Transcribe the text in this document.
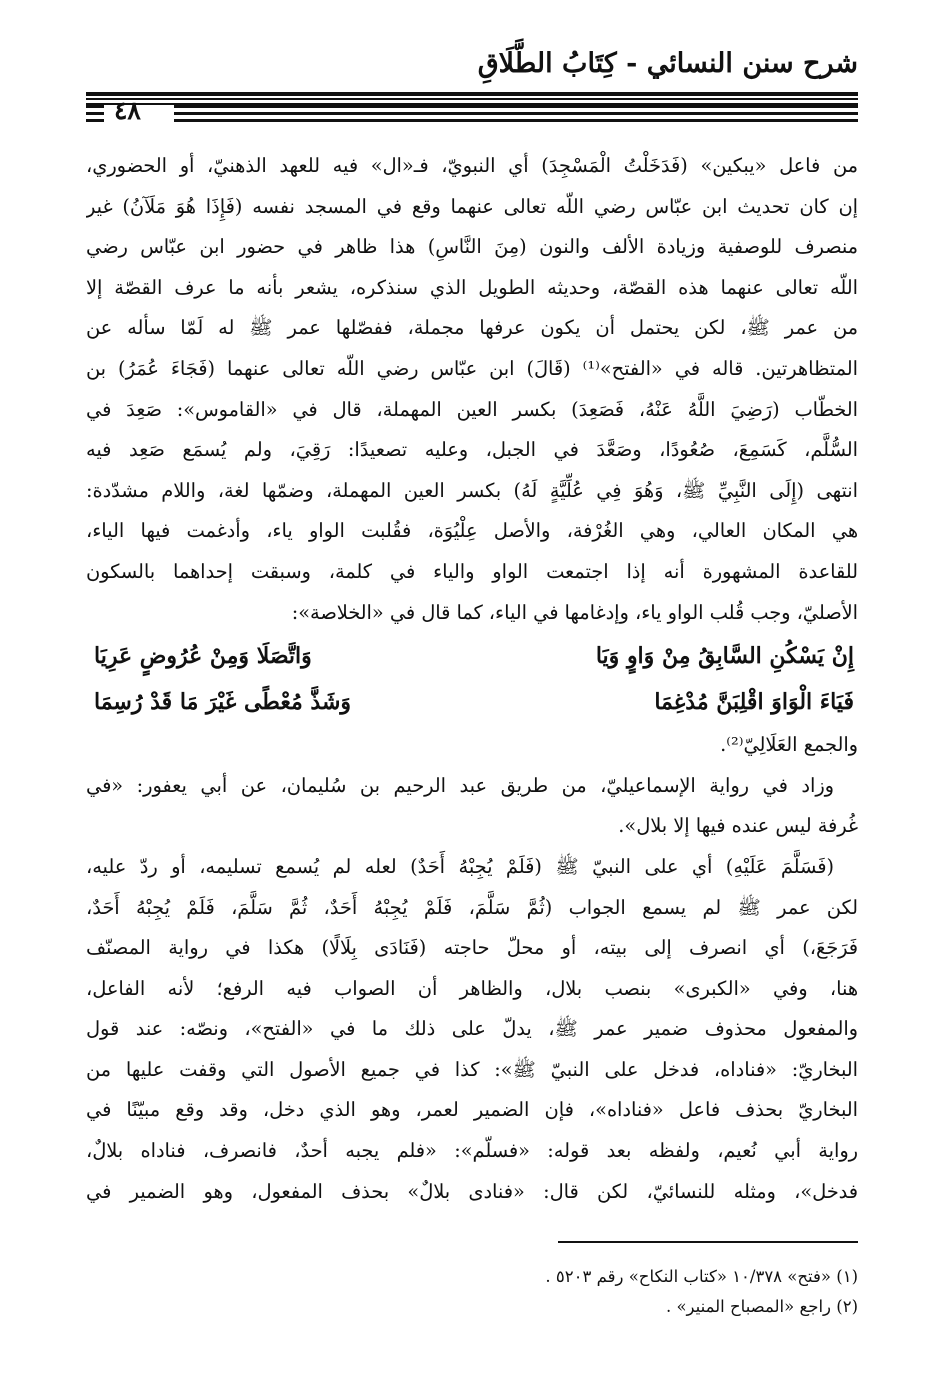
شرح سنن النسائي - كِتَابُ الطَّلَاقِ
٤٨

من فاعل «يبكين» (فَدَخَلْتُ الْمَسْجِدَ) أي النبويّ، فـ«ال» فيه للعهد الذهنيّ، أو الحضوري،
إن كان تحديث ابن عبّاس رضي اللّه تعالى عنهما وقع في المسجد نفسه (فَإِذَا هُوَ مَلَآنُ) غير
منصرف للوصفية وزيادة الألف والنون (مِنَ النَّاسِ) هذا ظاهر في حضور ابن عبّاس رضي
اللّه تعالى عنهما هذه القصّة، وحديثه الطويل الذي سنذكره، يشعر بأنه ما عرف القصّة إلا
من عمر ﷺ، لكن يحتمل أن يكون عرفها مجملة، ففصّلها عمر ﷺ له لَمّا سأله عن
المتظاهرتين. قاله في «الفتح»⁽¹⁾ (قَالَ) ابن عبّاس رضي اللّه تعالى عنهما (فَجَاءَ عُمَرُ) بن
الخطّاب (رَضِيَ اللَّهُ عَنْهُ، فَصَعِدَ) بكسر العين المهملة، قال في «القاموس»: صَعِدَ في
السُّلَّم، كَسَمِعَ، صُعُودًا، وصَعَّدَ في الجبل، وعليه تصعيدًا: رَقِيَ، ولم يُسمَع صَعِد فيه
انتهى (إِلَى النَّبِيِّ ﷺ، وَهُوَ فِي عُلِّيَّةٍ لَهُ) بكسر العين المهملة، وضمّها لغة، واللام مشدّدة:
هي المكان العالي، وهي الغُرْفة، والأصل عِلْيُوَة، فقُلبت الواو ياء، وأدغمت فيها الياء،
للقاعدة المشهورة أنه إذا اجتمعت الواو والياء في كلمة، وسبقت إحداهما بالسكون
الأصليّ، وجب قُلب الواو ياء، وإدغامها في الياء، كما قال في «الخلاصة»:

إِنْ يَسْكُنِ السَّابِقُ مِنْ وَاوٍ وَيَا
وَاتَّصَلَا وَمِنْ عُرُوضٍ عَرِيَا
فَيَاءَ الْوَاوَ اقْلِبَنَّ مُدْغِمَا
وَشَذَّ مُعْطًى غَيْرَ مَا قَدْ رُسِمَا

والجمع العَلَالِيّ⁽²⁾.

وزاد في رواية الإسماعيليّ، من طريق عبد الرحيم بن سُليمان، عن أبي يعفور: «في
غُرفة ليس عنده فيها إلا بلال».

(فَسَلَّمَ عَلَيْهِ) أي على النبيّ ﷺ (فَلَمْ يُجِبْهُ أَحَدٌ) لعله لم يُسمع تسليمه، أو ردّ عليه،
لكن عمر ﷺ لم يسمع الجواب (ثُمَّ سَلَّمَ، فَلَمْ يُجِبْهُ أَحَدٌ، ثُمَّ سَلَّمَ، فَلَمْ يُجِبْهُ أَحَدٌ،
فَرَجَعَ،) أي انصرف إلى بيته، أو محلّ حاجته (فَنَادَى بِلَالًا) هكذا في رواية المصنّف
هنا، وفي «الكبرى» بنصب بلال، والظاهر أن الصواب فيه الرفع؛ لأنه الفاعل،
والمفعول محذوف ضمير عمر ﷺ، يدلّ على ذلك ما في «الفتح»، ونصّه: عند قول
البخاريّ: «فناداه، فدخل على النبيّ ﷺ»: كذا في جميع الأصول التي وقفت عليها من
البخاريّ بحذف فاعل «فناداه»، فإن الضمير لعمر، وهو الذي دخل، وقد وقع مبيّنًا في
رواية أبي نُعيم، ولفظه بعد قوله: «فسلّم»: «فلم يجبه أحدٌ، فانصرف، فناداه بلالٌ،
فدخل»، ومثله للنسائيّ، لكن قال: «فنادى بلالٌ» بحذف المفعول، وهو الضمير في

(١) «فتح» ١٠/٣٧٨ «كتاب النكاح» رقم ٥٢٠٣ .
(٢) راجع «المصباح المنير» .
